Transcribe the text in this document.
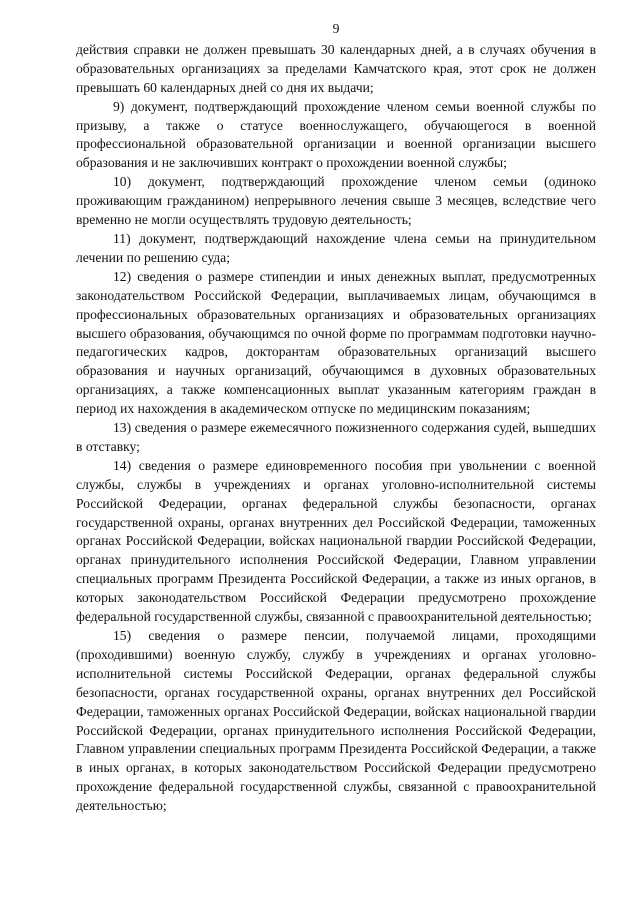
9

действия справки не должен превышать 30 календарных дней, а в случаях обучения в образовательных организациях за пределами Камчатского края, этот срок не должен превышать 60 календарных дней со дня их выдачи;

9) документ, подтверждающий прохождение членом семьи военной службы по призыву, а также о статусе военнослужащего, обучающегося в военной профессиональной образовательной организации и военной организации высшего образования и не заключивших контракт о прохождении военной службы;

10) документ, подтверждающий прохождение членом семьи (одиноко проживающим гражданином) непрерывного лечения свыше 3 месяцев, вследствие чего временно не могли осуществлять трудовую деятельность;

11) документ, подтверждающий нахождение члена семьи на принудительном лечении по решению суда;

12) сведения о размере стипендии и иных денежных выплат, предусмотренных законодательством Российской Федерации, выплачиваемых лицам, обучающимся в профессиональных образовательных организациях и образовательных организациях высшего образования, обучающимся по очной форме по программам подготовки научно-педагогических кадров, докторантам образовательных организаций высшего образования и научных организаций, обучающимся в духовных образовательных организациях, а также компенсационных выплат указанным категориям граждан в период их нахождения в академическом отпуске по медицинским показаниям;

13) сведения о размере ежемесячного пожизненного содержания судей, вышедших в отставку;

14) сведения о размере единовременного пособия при увольнении с военной службы, службы в учреждениях и органах уголовно-исполнительной системы Российской Федерации, органах федеральной службы безопасности, органах государственной охраны, органах внутренних дел Российской Федерации, таможенных органах Российской Федерации, войсках национальной гвардии Российской Федерации, органах принудительного исполнения Российской Федерации, Главном управлении специальных программ Президента Российской Федерации, а также из иных органов, в которых законодательством Российской Федерации предусмотрено прохождение федеральной государственной службы, связанной с правоохранительной деятельностью;

15) сведения о размере пенсии, получаемой лицами, проходящими (проходившими) военную службу, службу в учреждениях и органах уголовно-исполнительной системы Российской Федерации, органах федеральной службы безопасности, органах государственной охраны, органах внутренних дел Российской Федерации, таможенных органах Российской Федерации, войсках национальной гвардии Российской Федерации, органах принудительного исполнения Российской Федерации, Главном управлении специальных программ Президента Российской Федерации, а также в иных органах, в которых законодательством Российской Федерации предусмотрено прохождение федеральной государственной службы, связанной с правоохранительной деятельностью;
